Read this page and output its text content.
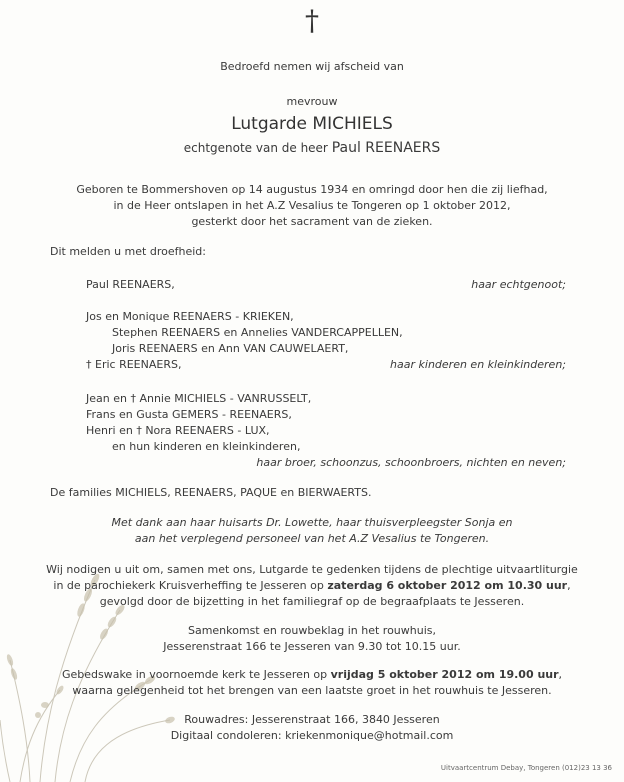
†
Bedroefd nemen wij afscheid van
mevrouw
Lutgarde MICHIELS
echtgenote van de heer Paul REENAERS
Geboren te Bommershoven op 14 augustus 1934 en omringd door hen die zij liefhad,
in de Heer ontslapen in het A.Z Vesalius te Tongeren op 1 oktober 2012,
gesterkt door het sacrament van de zieken.
Dit melden u met droefheid:
Paul REENAERS,	haar echtgenoot;
Jos en Monique REENAERS - KRIEKEN,
Stephen REENAERS en Annelies VANDERCAPPELLEN,
Joris REENAERS en Ann VAN CAUWELAERT,
† Eric REENAERS,	haar kinderen en kleinkinderen;
Jean en † Annie MICHIELS - VANRUSSELT,
Frans en Gusta GEMERS - REENAERS,
Henri en † Nora REENAERS - LUX,
en hun kinderen en kleinkinderen,
haar broer, schoonzus, schoonbroers, nichten en neven;
De families MICHIELS, REENAERS, PAQUE en BIERWAERTS.
Met dank aan haar huisarts Dr. Lowette, haar thuisverpleegster Sonja en
aan het verplegend personeel van het A.Z Vesalius te Tongeren.
Wij nodigen u uit om, samen met ons, Lutgarde te gedenken tijdens de plechtige uitvaartliturgie
in de parochiekerk Kruisverheffing te Jesseren op zaterdag 6 oktober 2012 om 10.30 uur,
gevolgd door de bijzetting in het familiegraf op de begraafplaats te Jesseren.
Samenkomst en rouwbeklag in het rouwhuis,
Jesserenstraat 166 te Jesseren van 9.30 tot 10.15 uur.
Gebedswake in voornoemde kerk te Jesseren op vrijdag 5 oktober 2012 om 19.00 uur,
waarna gelegenheid tot het brengen van een laatste groet in het rouwhuis te Jesseren.
Rouwadres: Jesserenstraat 166, 3840 Jesseren
Digitaal condoleren: kriekenmonique@hotmail.com
Uitvaartcentrum Debay, Tongeren (012)23 13 36
